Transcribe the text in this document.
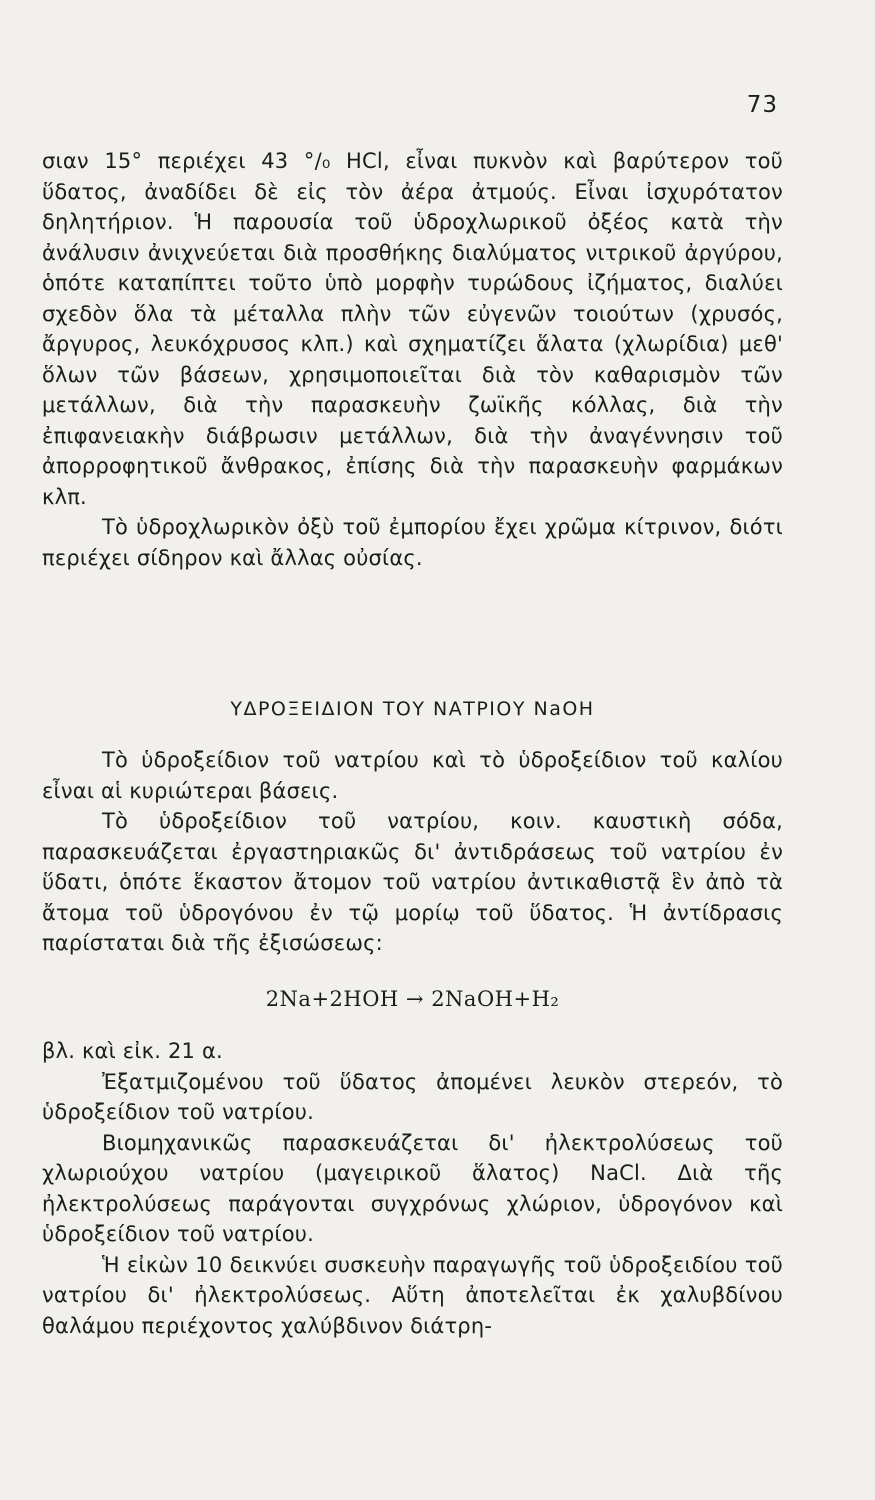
73

σιαν 15° περιέχει 43 °/₀ HCl, εἶναι πυκνὸν καὶ βαρύτερον τοῦ ὕδατος, ἀναδίδει δὲ εἰς τὸν ἀέρα ἀτμούς. Εἶναι ἰσχυρότατον δηλητήριον. Ἡ παρουσία τοῦ ὑδροχλωρικοῦ ὀξέος κατὰ τὴν ἀνάλυσιν ἀνιχνεύεται διὰ προσθήκης διαλύματος νιτρικοῦ ἀργύρου, ὁπότε καταπίπτει τοῦτο ὑπὸ μορφὴν τυρώδους ἰζήματος, διαλύει σχεδὸν ὅλα τὰ μέταλλα πλὴν τῶν εὐγενῶν τοιούτων (χρυσός, ἄργυρος, λευκόχρυσος κλπ.) καὶ σχηματίζει ἅλατα (χλωρίδια) μεθ' ὅλων τῶν βάσεων, χρησιμοποιεῖται διὰ τὸν καθαρισμὸν τῶν μετάλλων, διὰ τὴν παρασκευὴν ζωϊκῆς κόλλας, διὰ τὴν ἐπιφανειακὴν διάβρωσιν μετάλλων, διὰ τὴν ἀναγέννησιν τοῦ ἀπορροφητικοῦ ἄνθρακος, ἐπίσης διὰ τὴν παρασκευὴν φαρμάκων κλπ.

Τὸ ὑδροχλωρικὸν ὀξὺ τοῦ ἐμπορίου ἔχει χρῶμα κίτρινον, διότι περιέχει σίδηρον καὶ ἄλλας οὐσίας.

ΥΔΡΟΞΕΙΔΙΟΝ ΤΟΥ ΝΑΤΡΙΟΥ NaOH

Τὸ ὑδροξείδιον τοῦ νατρίου καὶ τὸ ὑδροξείδιον τοῦ καλίου εἶναι αἱ κυριώτεραι βάσεις.

Τὸ ὑδροξείδιον τοῦ νατρίου, κοιν. καυστικὴ σόδα, παρασκευάζεται ἐργαστηριακῶς δι' ἀντιδράσεως τοῦ νατρίου ἐν ὕδατι, ὁπότε ἕκαστον ἄτομον τοῦ νατρίου ἀντικαθιστᾷ ἓν ἀπὸ τὰ ἄτομα τοῦ ὑδρογόνου ἐν τῷ μορίῳ τοῦ ὕδατος. Ἡ ἀντίδρασις παρίσταται διὰ τῆς ἐξισώσεως:

2Na+2HOH → 2NaOH+H₂

βλ. καὶ εἰκ. 21 α.

Ἐξατμιζομένου τοῦ ὕδατος ἀπομένει λευκὸν στερεόν, τὸ ὑδροξείδιον τοῦ νατρίου.

Βιομηχανικῶς παρασκευάζεται δι' ἠλεκτρολύσεως τοῦ χλωριούχου νατρίου (μαγειρικοῦ ἅλατος) NaCl. Διὰ τῆς ἠλεκτρολύσεως παράγονται συγχρόνως χλώριον, ὑδρογόνον καὶ ὑδροξείδιον τοῦ νατρίου.

Ἡ εἰκὼν 10 δεικνύει συσκευὴν παραγωγῆς τοῦ ὑδροξειδίου τοῦ νατρίου δι' ἠλεκτρολύσεως. Αὕτη ἀποτελεῖται ἐκ χαλυβδίνου θαλάμου περιέχοντος χαλύβδινον διάτρη-
